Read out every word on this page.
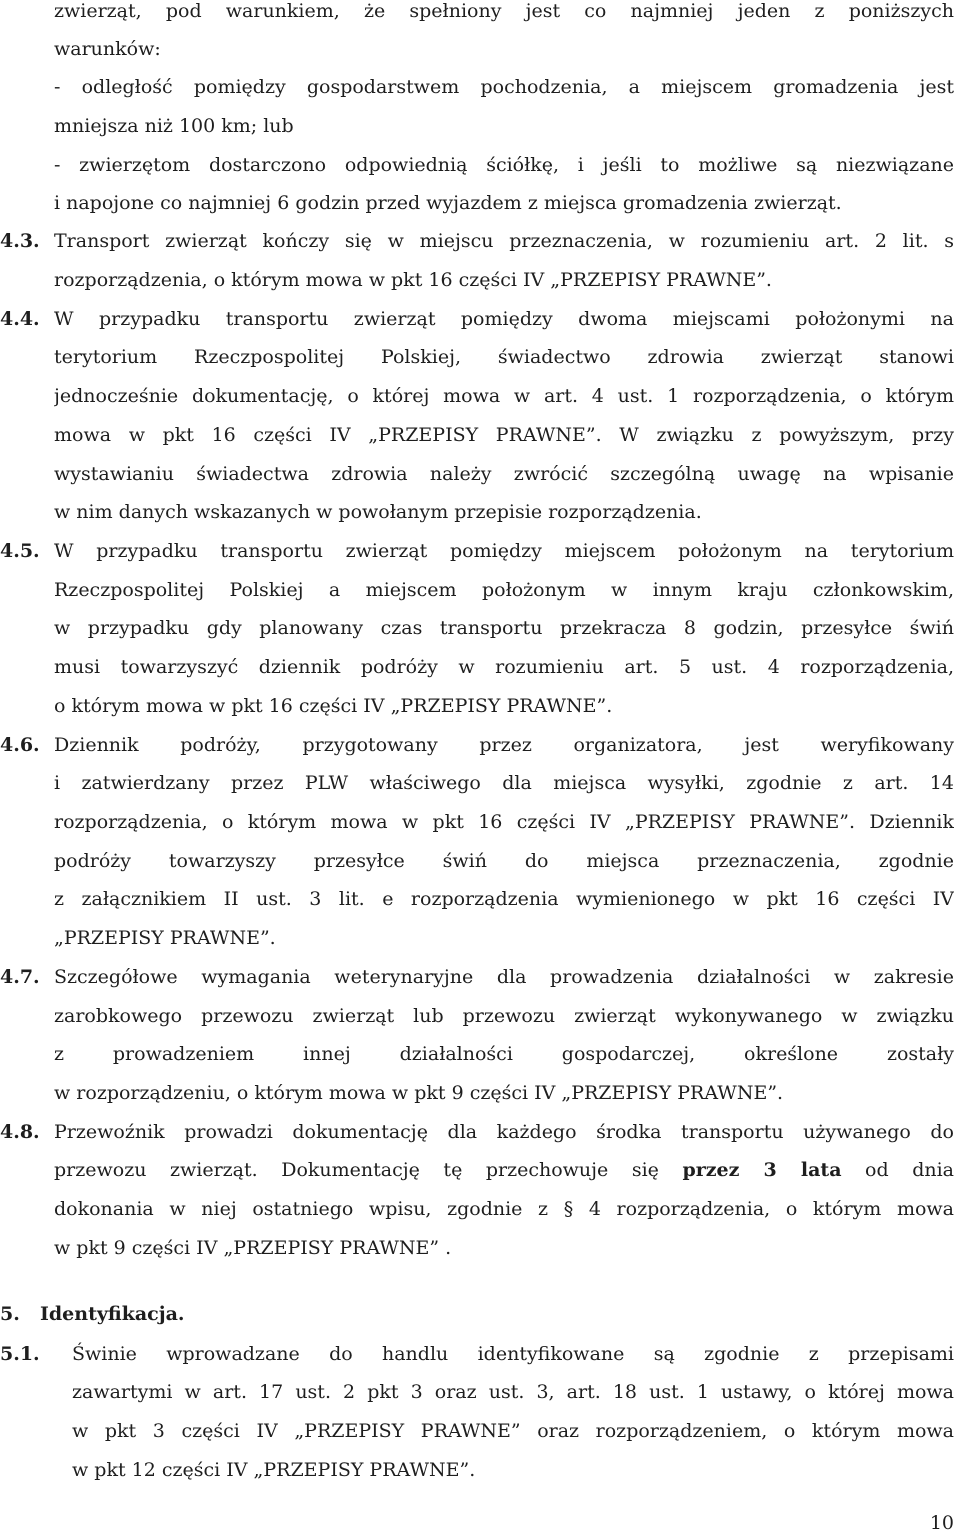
zwierząt, pod warunkiem, że spełniony jest co najmniej jeden z poniższych
warunków:
- odległość pomiędzy gospodarstwem pochodzenia, a miejscem gromadzenia jest
mniejsza niż 100 km; lub
- zwierzętom dostarczono odpowiednią ściółkę, i jeśli to możliwe są niezwiązane
i napojone co najmniej 6 godzin przed wyjazdem z miejsca gromadzenia zwierząt.
4.3. Transport zwierząt kończy się w miejscu przeznaczenia, w rozumieniu art. 2 lit. s
rozporządzenia, o którym mowa w pkt 16 części IV „PRZEPISY PRAWNE”.
4.4. W przypadku transportu zwierząt pomiędzy dwoma miejscami położonymi na
terytorium Rzeczpospolitej Polskiej, świadectwo zdrowia zwierząt stanowi
jednocześnie dokumentację, o której mowa w art. 4 ust. 1 rozporządzenia, o którym
mowa w pkt 16 części IV „PRZEPISY PRAWNE”. W związku z powyższym, przy
wystawianiu świadectwa zdrowia należy zwrócić szczególną uwagę na wpisanie
w nim danych wskazanych w powołanym przepisie rozporządzenia.
4.5. W przypadku transportu zwierząt pomiędzy miejscem położonym na terytorium
Rzeczpospolitej Polskiej a miejscem położonym w innym kraju członkowskim,
w przypadku gdy planowany czas transportu przekracza 8 godzin, przesyłce świń
musi towarzyszyć dziennik podróży w rozumieniu art. 5 ust. 4 rozporządzenia,
o którym mowa w pkt 16 części IV „PRZEPISY PRAWNE”.
4.6. Dziennik podróży, przygotowany przez organizatora, jest weryfikowany
i zatwierdzany przez PLW właściwego dla miejsca wysyłki, zgodnie z art. 14
rozporządzenia, o którym mowa w pkt 16 części IV „PRZEPISY PRAWNE”. Dziennik
podróży towarzyszy przesyłce świń do miejsca przeznaczenia, zgodnie
z załącznikiem II ust. 3 lit. e rozporządzenia wymienionego w pkt 16 części IV
„PRZEPISY PRAWNE”.
4.7. Szczegółowe wymagania weterynaryjne dla prowadzenia działalności w zakresie
zarobkowego przewozu zwierząt lub przewozu zwierząt wykonywanego w związku
z prowadzeniem innej działalności gospodarczej, określone zostały
w rozporządzeniu, o którym mowa w pkt 9 części IV „PRZEPISY PRAWNE”.
4.8. Przewoźnik prowadzi dokumentację dla każdego środka transportu używanego do
przewozu zwierząt. Dokumentację tę przechowuje się przez 3 lata od dnia
dokonania w niej ostatniego wpisu, zgodnie z § 4 rozporządzenia, o którym mowa
w pkt 9 części IV „PRZEPISY PRAWNE” .
5. Identyfikacja.
5.1. Świnie wprowadzane do handlu identyfikowane są zgodnie z przepisami
zawartymi w art. 17 ust. 2 pkt 3 oraz ust. 3, art. 18 ust. 1 ustawy, o której mowa
w pkt 3 części IV „PRZEPISY PRAWNE” oraz rozporządzeniem, o którym mowa
w pkt 12 części IV „PRZEPISY PRAWNE”.
10
